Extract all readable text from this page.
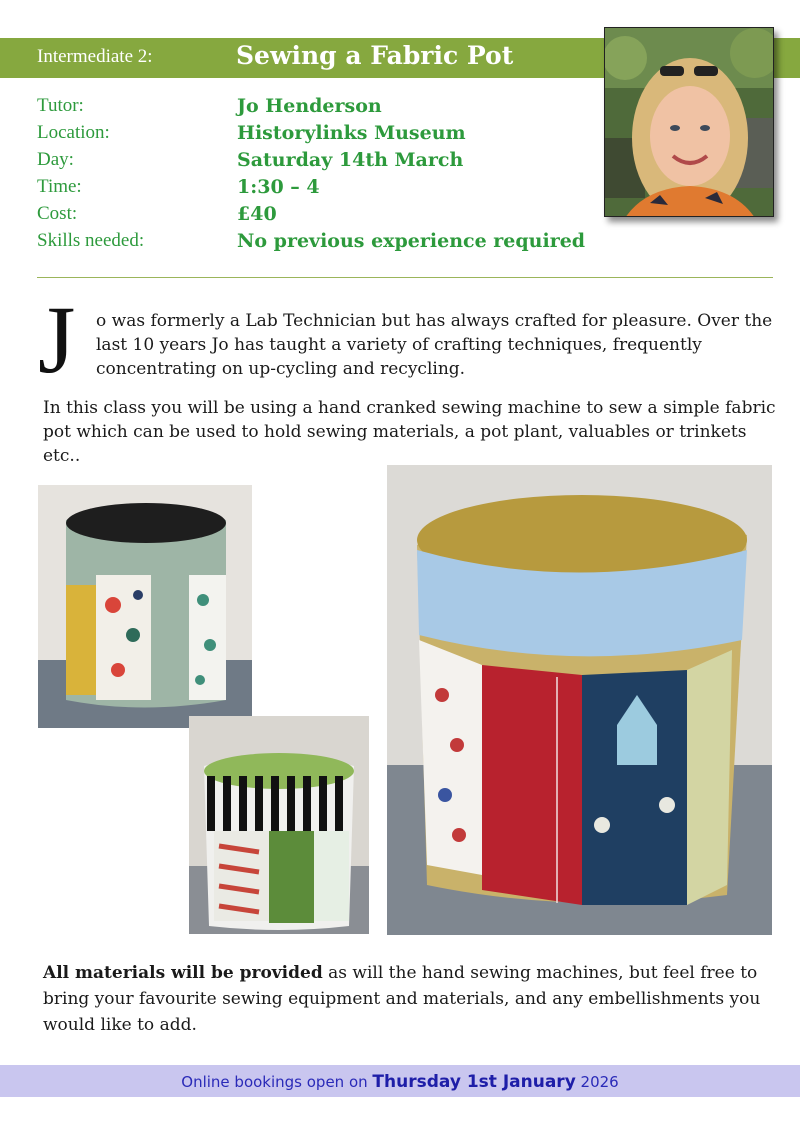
Intermediate 2:	Sewing a Fabric Pot
Tutor:	Jo Henderson
Location:	Historylinks Museum
Day:	Saturday 14th March
Time:	1:30 – 4
Cost:	£40
Skills needed:	No previous experience required
J o was formerly a Lab Technician but has always crafted for pleasure. Over the last 10 years Jo has taught a variety of crafting techniques, frequently concentrating on up-cycling and recycling.
In this class you will be using a hand cranked sewing machine to sew a simple fabric pot which can be used to hold sewing materials, a pot plant, valuables or trinkets etc..
All materials will be provided as will the hand sewing machines, but feel free to bring your favourite sewing equipment and materials, and any embellishments you would like to add.
Online bookings open on Thursday 1st January 2026
